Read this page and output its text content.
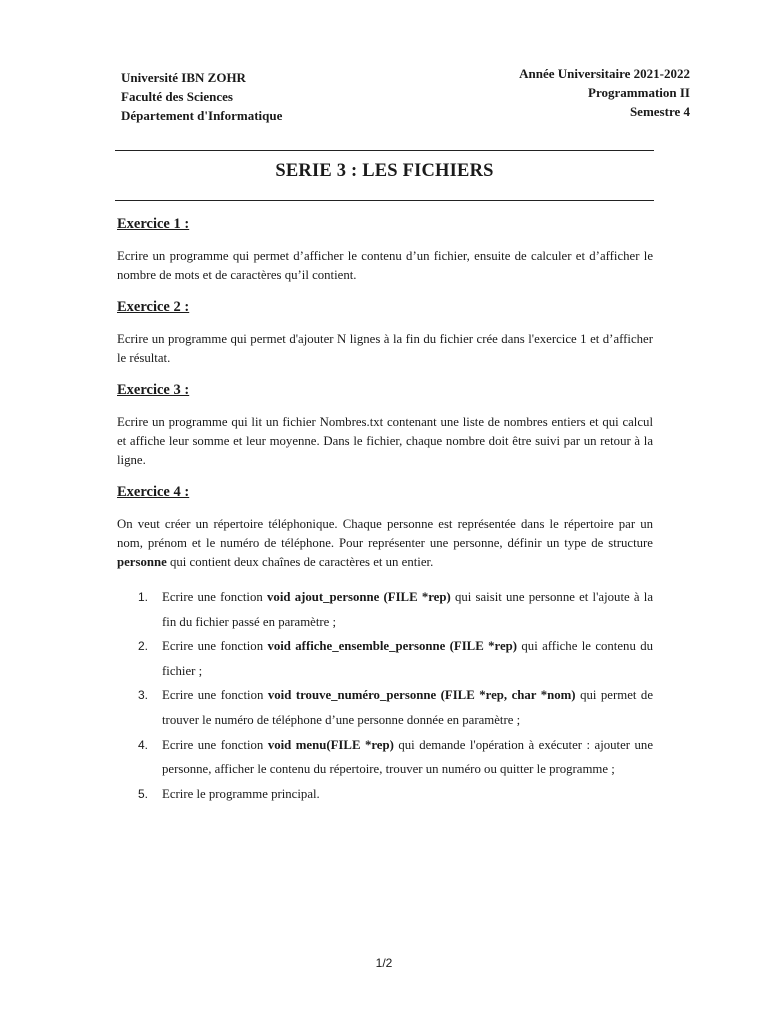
Université IBN ZOHR
Faculté des Sciences
Département d'Informatique
Année Universitaire 2021-2022
Programmation II
Semestre 4
SERIE 3 : LES FICHIERS
Exercice 1 :

Ecrire un programme qui permet d’afficher le contenu d’un fichier, ensuite de calculer et d’afficher le nombre de mots et de caractères qu’il contient.

Exercice 2 :

Ecrire un programme qui permet d'ajouter N lignes à la fin du fichier crée dans l'exercice 1 et d’afficher le résultat.

Exercice 3 :

Ecrire un programme qui lit un fichier Nombres.txt contenant une liste de nombres entiers et qui calcul et affiche leur somme et leur moyenne. Dans le fichier, chaque nombre doit être suivi par un retour à la ligne.

Exercice 4 :

On veut créer un répertoire téléphonique. Chaque personne est représentée dans le répertoire par un nom, prénom et le numéro de téléphone. Pour représenter une personne, définir un type de structure personne qui contient deux chaînes de caractères et un entier.

1. Ecrire une fonction void ajout_personne (FILE *rep) qui saisit une personne et l'ajoute à la fin du fichier passé en paramètre ;
2. Ecrire une fonction void affiche_ensemble_personne (FILE *rep) qui affiche le contenu du fichier ;
3. Ecrire une fonction void trouve_numéro_personne (FILE *rep, char *nom) qui permet de trouver le numéro de téléphone d’une personne donnée en paramètre ;
4. Ecrire une fonction void menu(FILE *rep) qui demande l'opération à exécuter : ajouter une personne, afficher le contenu du répertoire, trouver un numéro ou quitter le programme ;
5. Ecrire le programme principal.
1/2
